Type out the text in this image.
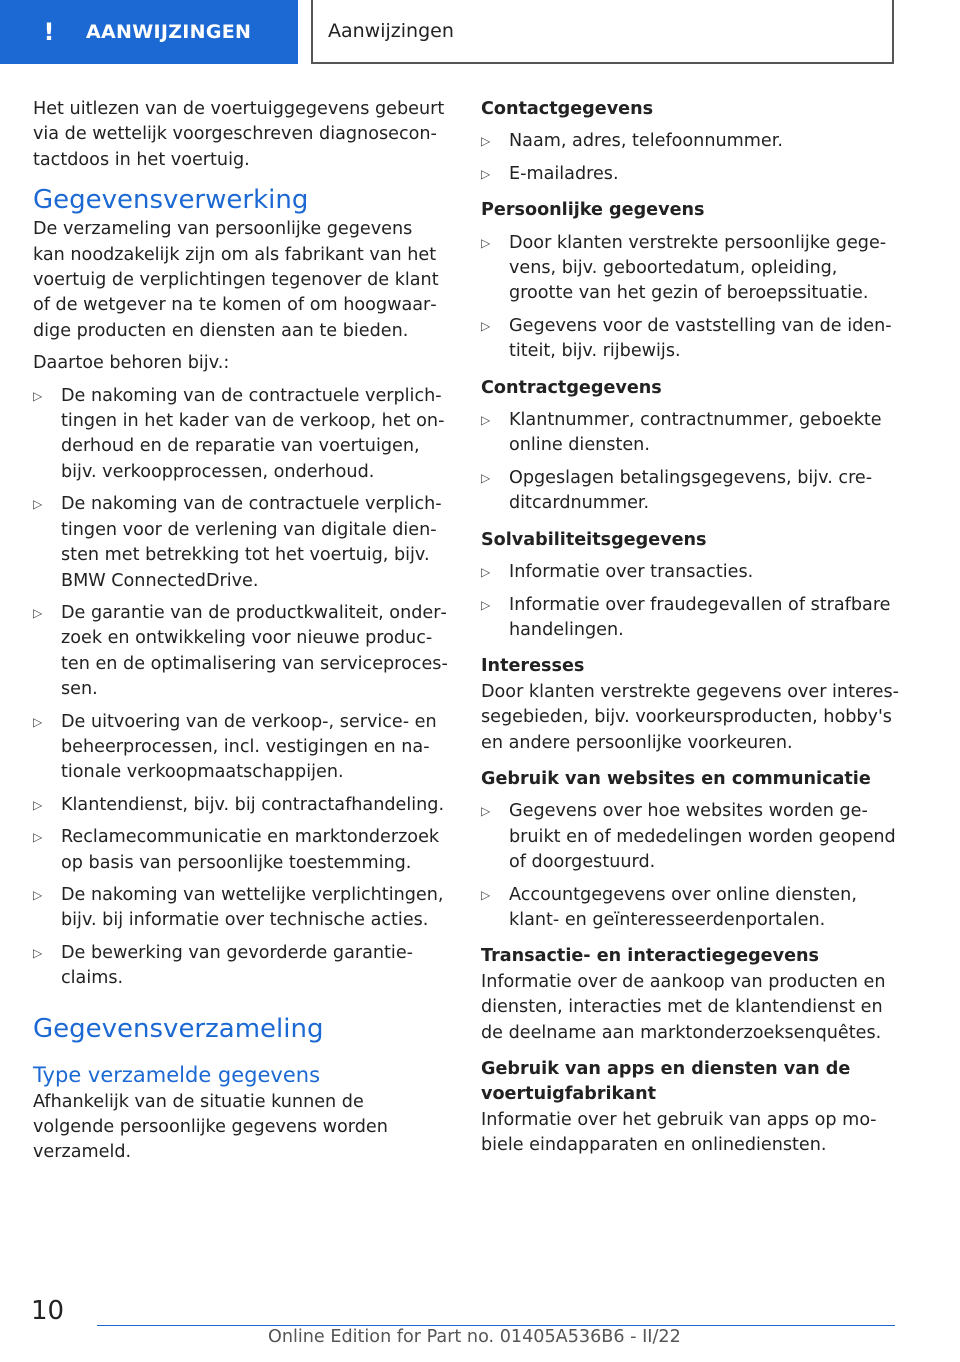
! AANWIJZINGEN	Aanwijzingen

Het uitlezen van de voertuiggegevens gebeurt via de wettelijk voorgeschreven diagnosecontactdoos in het voertuig.

Gegevensverwerking

De verzameling van persoonlijke gegevens kan noodzakelijk zijn om als fabrikant van het voertuig de verplichtingen tegenover de klant of de wetgever na te komen of om hoogwaardige producten en diensten aan te bieden.

Daartoe behoren bijv.:

▷ De nakoming van de contractuele verplichtingen in het kader van de verkoop, het onderhoud en de reparatie van voertuigen, bijv. verkoopprocessen, onderhoud.
▷ De nakoming van de contractuele verplichtingen voor de verlening van digitale diensten met betrekking tot het voertuig, bijv. BMW ConnectedDrive.
▷ De garantie van de productkwaliteit, onderzoek en ontwikkeling voor nieuwe producten en de optimalisering van serviceprocessen.
▷ De uitvoering van de verkoop-, service- en beheerprocessen, incl. vestigingen en nationale verkoopmaatschappijen.
▷ Klantendienst, bijv. bij contractafhandeling.
▷ Reclamecommunicatie en marktonderzoek op basis van persoonlijke toestemming.
▷ De nakoming van wettelijke verplichtingen, bijv. bij informatie over technische acties.
▷ De bewerking van gevorderde garantieclaims.
Gegevensverzameling
Type verzamelde gegevens

Afhankelijk van de situatie kunnen de volgende persoonlijke gegevens worden verzameld.

Contactgegevens

▷ Naam, adres, telefoonnummer.
▷ E-mailadres.

Persoonlijke gegevens

▷ Door klanten verstrekte persoonlijke gegevens, bijv. geboortedatum, opleiding, grootte van het gezin of beroepssituatie.
▷ Gegevens voor de vaststelling van de identiteit, bijv. rijbewijs.

Contractgegevens

▷ Klantnummer, contractnummer, geboekte online diensten.
▷ Opgeslagen betalingsgegevens, bijv. creditcardnummer.

Solvabiliteitsgegevens

▷ Informatie over transacties.
▷ Informatie over fraudegevallen of strafbare handelingen.

Interesses

Door klanten verstrekte gegevens over interessegebieden, bijv. voorkeursproducten, hobby's en andere persoonlijke voorkeuren.

Gebruik van websites en communicatie

▷ Gegevens over hoe websites worden gebruikt en of mededelingen worden geopend of doorgestuurd.
▷ Accountgegevens over online diensten, klant- en geïnteresseerdenportalen.

Transactie- en interactiegegevens

Informatie over de aankoop van producten en diensten, interacties met de klantendienst en de deelname aan marktonderzoeksenquêtes.

Gebruik van apps en diensten van de voertuigfabrikant

Informatie over het gebruik van apps op mobiele eindapparaten en onlinediensten.

10
Online Edition for Part no. 01405A536B6 - II/22
